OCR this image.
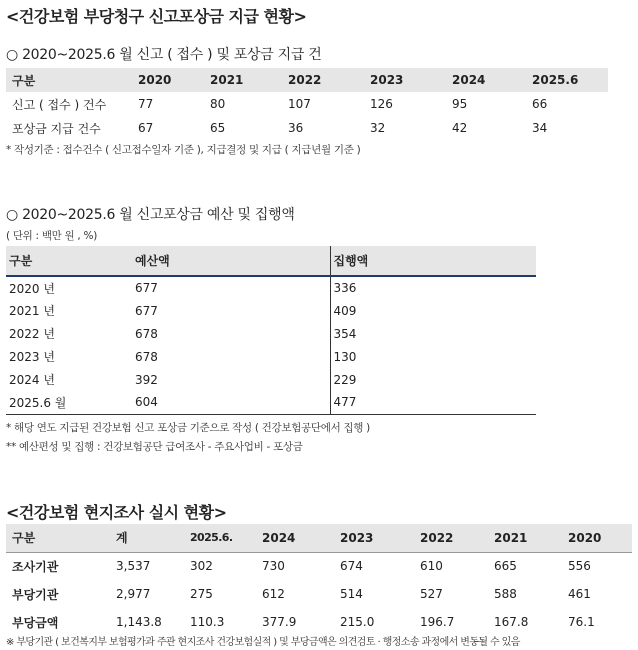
<건강보험 부당청구 신고포상금 지급 현황>
○ 2020~2025.6 월 신고 ( 접수 ) 및 포상금 지급 건
구분	2020	2021	2022	2023	2024	2025.6
신고 ( 접수 ) 건수	77	80	107	126	95	66
포상금 지급 건수	67	65	36	32	42	34
* 작성기준 : 접수건수 ( 신고접수일자 기준 ), 지급결정 및 지급 ( 지급년월 기준 )
○ 2020~2025.6 월 신고포상금 예산 및 집행액
( 단위 : 백만 원 , %)
구분	예산액	집행액
2020 년	677	336
2021 년	677	409
2022 년	678	354
2023 년	678	130
2024 년	392	229
2025.6 월	604	477
* 해당 연도 지급된 건강보험 신고 포상금 기준으로 작성 ( 건강보험공단에서 집행 )
** 예산편성 및 집행 : 건강보험공단 급여조사 - 주요사업비 - 포상금
<건강보험 현지조사 실시 현황>
구분	계	2025.6.	2024	2023	2022	2021	2020
조사기관	3,537	302	730	674	610	665	556
부당기관	2,977	275	612	514	527	588	461
부당금액	1,143.8	110.3	377.9	215.0	196.7	167.8	76.1
※ 부당기관 ( 보건복지부 보험평가과 주관 현지조사 건강보험실적 ) 및 부당금액은 의견검토 · 행정소송 과정에서 변동될 수 있음
